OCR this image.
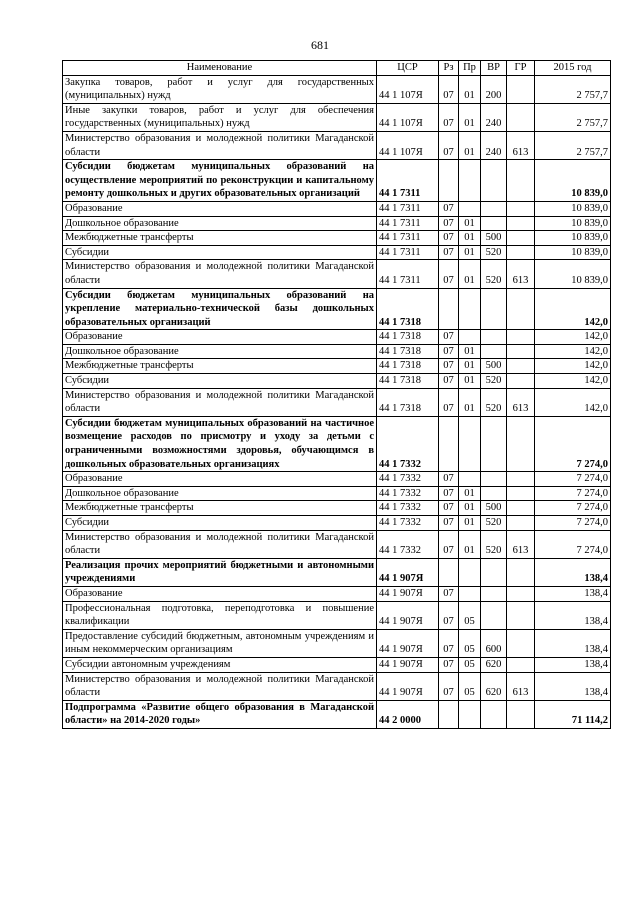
681
Наименование	ЦСР	Рз	Пр	ВР	ГР	2015 год
Закупка товаров, работ и услуг для государственных (муниципальных) нужд	44 1 107Я	07	01	200		2 757,7
Иные закупки товаров, работ и услуг для обеспечения государственных (муниципальных) нужд	44 1 107Я	07	01	240		2 757,7
Министерство образования и молодежной политики Магаданской области	44 1 107Я	07	01	240	613	2 757,7
Субсидии бюджетам муниципальных образований на осуществление мероприятий по реконструкции и капитальному ремонту дошкольных и других образовательных организаций	44 1 7311					10 839,0
Образование	44 1 7311	07				10 839,0
Дошкольное образование	44 1 7311	07	01			10 839,0
Межбюджетные трансферты	44 1 7311	07	01	500		10 839,0
Субсидии	44 1 7311	07	01	520		10 839,0
Министерство образования и молодежной политики Магаданской области	44 1 7311	07	01	520	613	10 839,0
Субсидии бюджетам муниципальных образований на укрепление материально-технической базы дошкольных образовательных организаций	44 1 7318					142,0
Образование	44 1 7318	07				142,0
Дошкольное образование	44 1 7318	07	01			142,0
Межбюджетные трансферты	44 1 7318	07	01	500		142,0
Субсидии	44 1 7318	07	01	520		142,0
Министерство образования и молодежной политики Магаданской области	44 1 7318	07	01	520	613	142,0
Субсидии бюджетам муниципальных образований на частичное возмещение расходов по присмотру и уходу за детьми с ограниченными возможностями здоровья, обучающимся в дошкольных образовательных организациях	44 1 7332					7 274,0
Образование	44 1 7332	07				7 274,0
Дошкольное образование	44 1 7332	07	01			7 274,0
Межбюджетные трансферты	44 1 7332	07	01	500		7 274,0
Субсидии	44 1 7332	07	01	520		7 274,0
Министерство образования и молодежной политики Магаданской области	44 1 7332	07	01	520	613	7 274,0
Реализация прочих мероприятий бюджетными и автономными учреждениями	44 1 907Я					138,4
Образование	44 1 907Я	07				138,4
Профессиональная подготовка, переподготовка и повышение квалификации	44 1 907Я	07	05			138,4
Предоставление субсидий бюджетным, автономным учреждениям и иным некоммерческим организациям	44 1 907Я	07	05	600		138,4
Субсидии автономным учреждениям	44 1 907Я	07	05	620		138,4
Министерство образования и молодежной политики Магаданской области	44 1 907Я	07	05	620	613	138,4
Подпрограмма «Развитие общего образования в Магаданской области» на 2014-2020 годы»	44 2 0000					71 114,2
